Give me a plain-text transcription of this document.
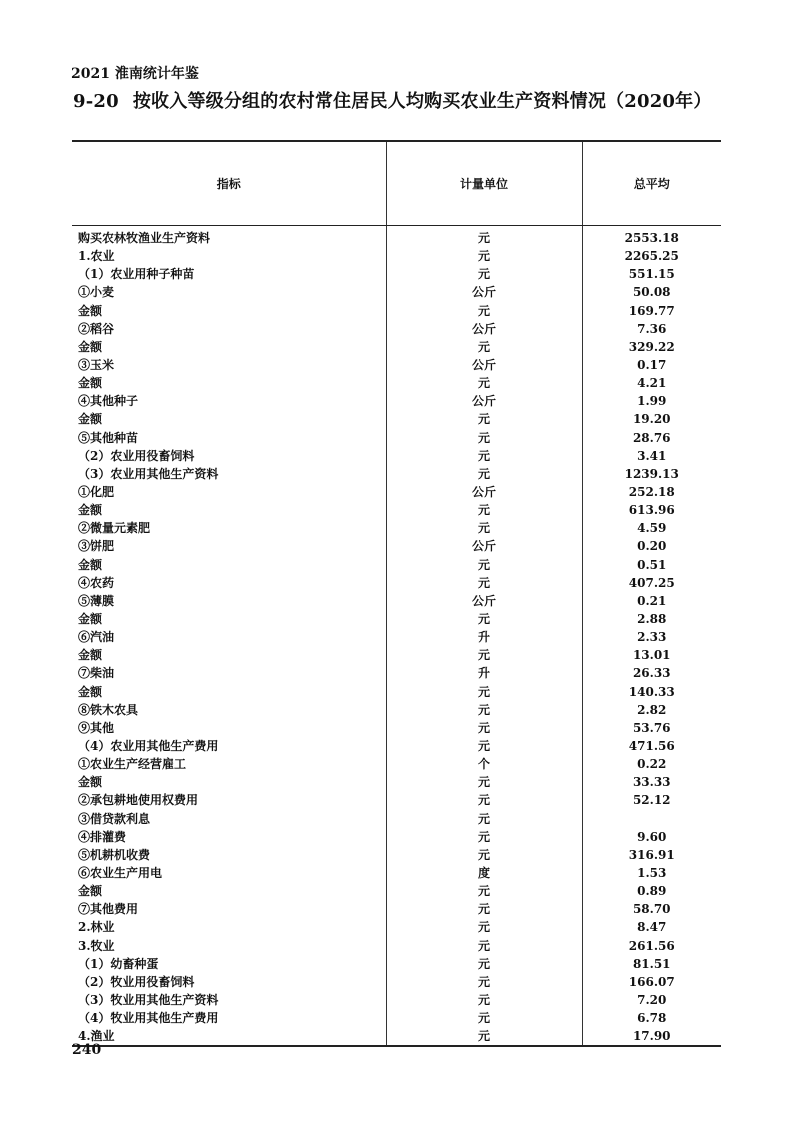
2021 淮南统计年鉴
9-20 按收入等级分组的农村常住居民人均购买农业生产资料情况（2020年）
指标	计量单位	总平均
购买农林牧渔业生产资料	元	2553.18
1.农业	元	2265.25
（1）农业用种子种苗	元	551.15
①小麦	公斤	50.08
金额	元	169.77
②稻谷	公斤	7.36
金额	元	329.22
③玉米	公斤	0.17
金额	元	4.21
④其他种子	公斤	1.99
金额	元	19.20
⑤其他种苗	元	28.76
（2）农业用役畜饲料	元	3.41
（3）农业用其他生产资料	元	1239.13
①化肥	公斤	252.18
金额	元	613.96
②微量元素肥	元	4.59
③饼肥	公斤	0.20
金额	元	0.51
④农药	元	407.25
⑤薄膜	公斤	0.21
金额	元	2.88
⑥汽油	升	2.33
金额	元	13.01
⑦柴油	升	26.33
金额	元	140.33
⑧铁木农具	元	2.82
⑨其他	元	53.76
（4）农业用其他生产费用	元	471.56
①农业生产经营雇工	个	0.22
金额	元	33.33
②承包耕地使用权费用	元	52.12
③借贷款利息	元	
④排灌费	元	9.60
⑤机耕机收费	元	316.91
⑥农业生产用电	度	1.53
金额	元	0.89
⑦其他费用	元	58.70
2.林业	元	8.47
3.牧业	元	261.56
（1）幼畜种蛋	元	81.51
（2）牧业用役畜饲料	元	166.07
（3）牧业用其他生产资料	元	7.20
（4）牧业用其他生产费用	元	6.78
4.渔业	元	17.90
240
